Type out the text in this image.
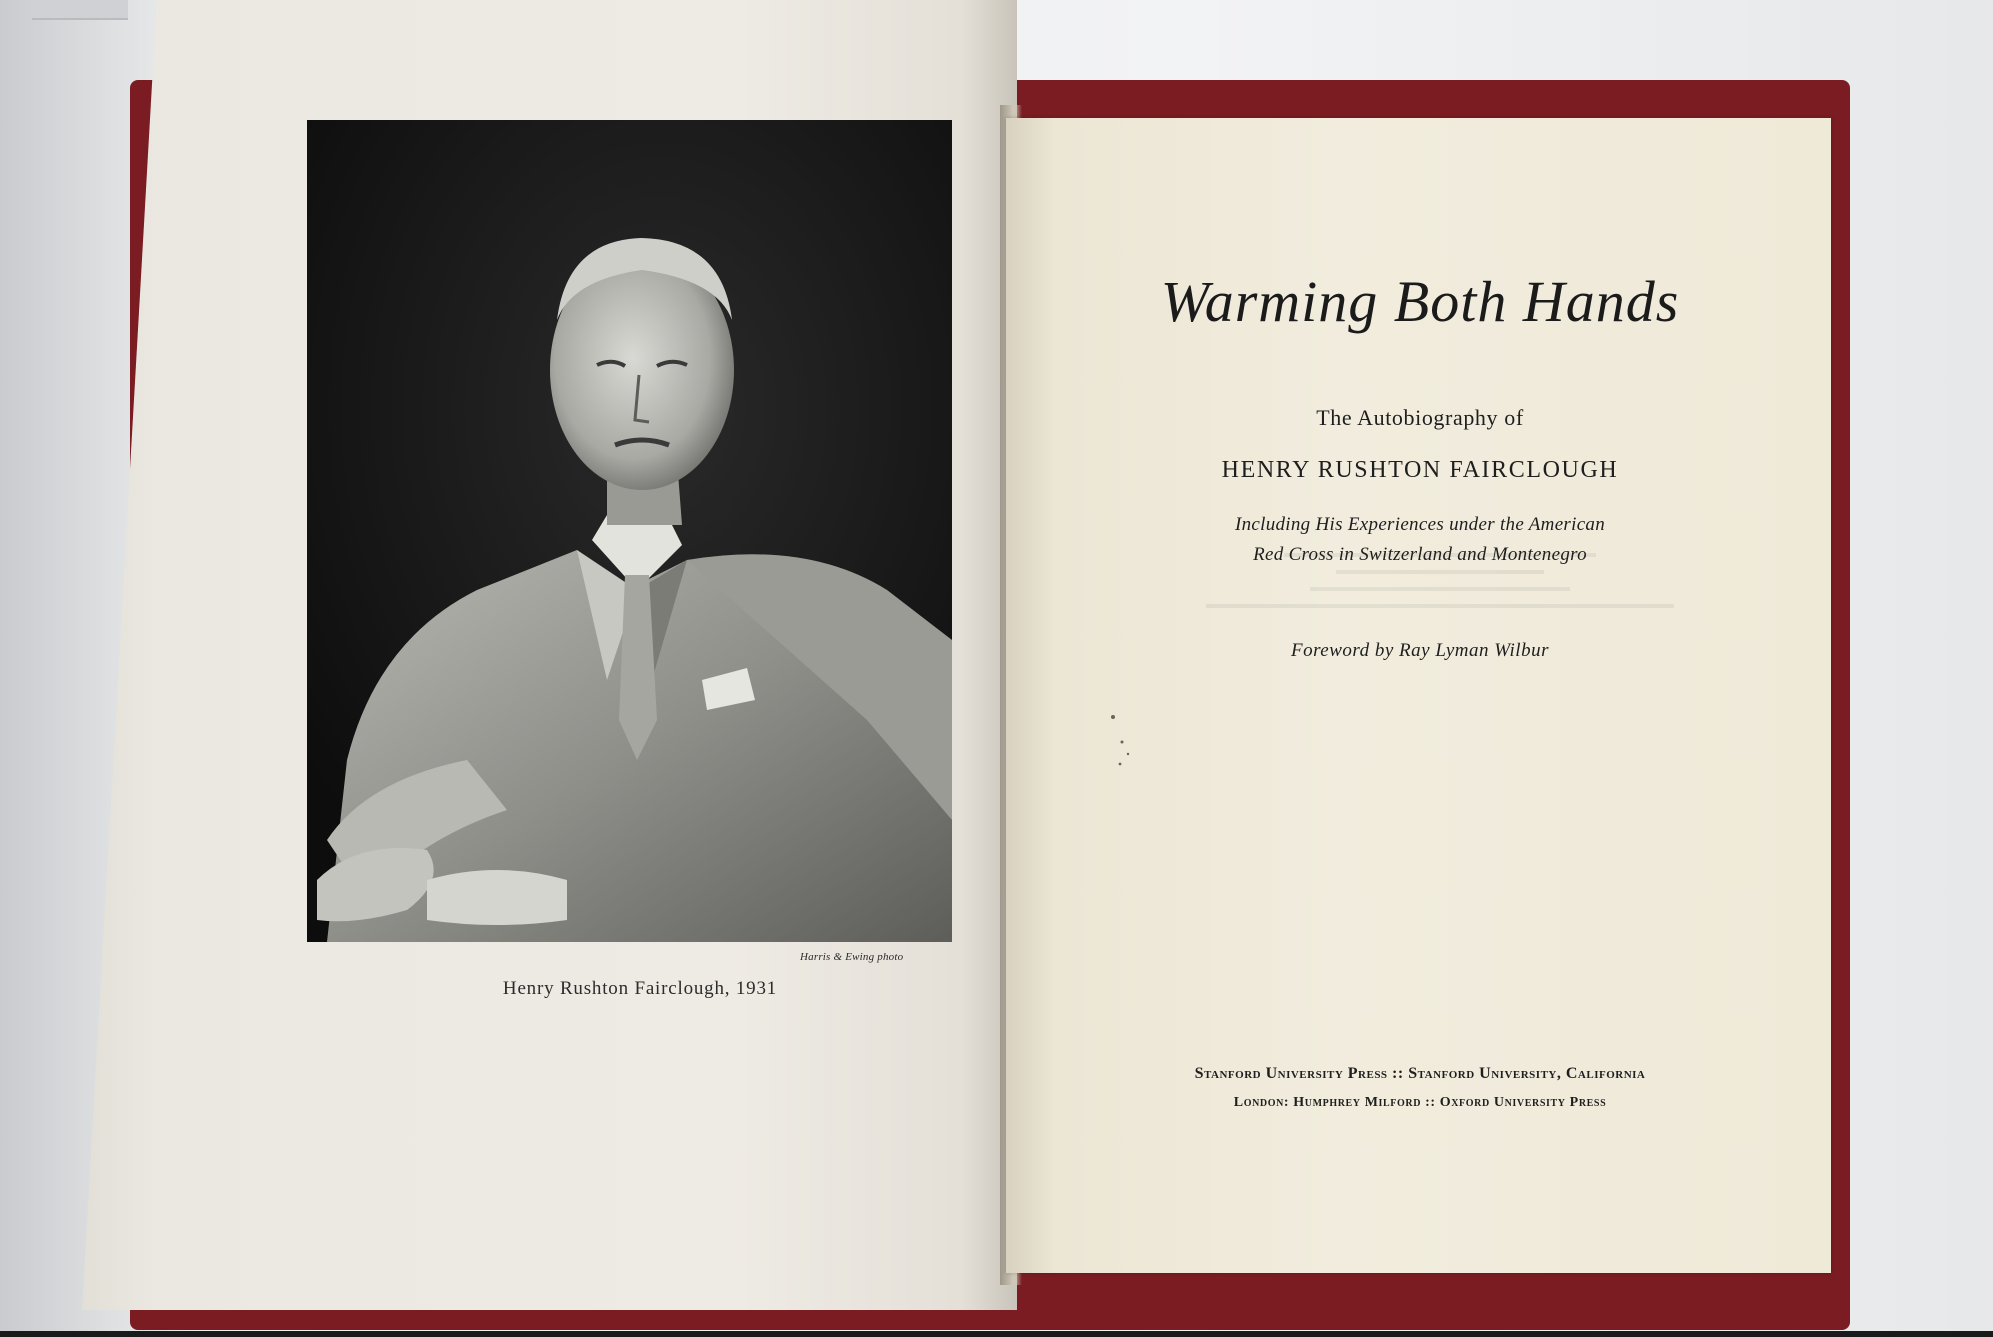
Harris & Ewing photo
Henry Rushton Fairclough, 1931
Warming Both Hands
The Autobiography of
HENRY RUSHTON FAIRCLOUGH
Including His Experiences under the American
Red Cross in Switzerland and Montenegro
Foreword by Ray Lyman Wilbur
Stanford University Press :: Stanford University, California
London: Humphrey Milford :: Oxford University Press
